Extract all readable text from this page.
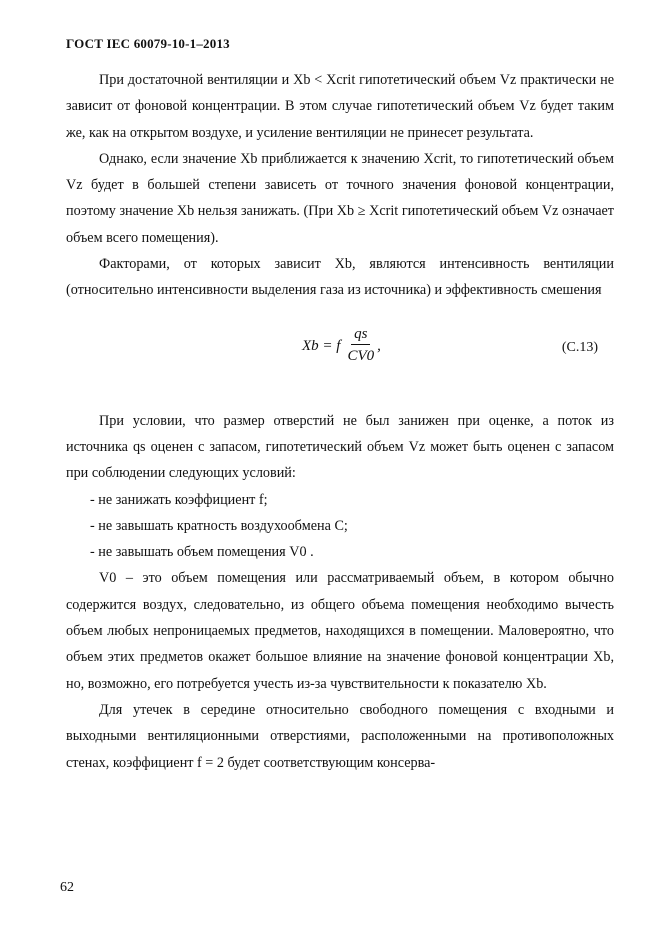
ГОСТ IEC 60079-10-1–2013

При достаточной вентиляции и Xb < Xcrit гипотетический объем Vz практически не зависит от фоновой концентрации. В этом случае гипотетический объем Vz будет таким же, как на открытом воздухе, и усиление вентиляции не принесет результата.

Однако, если значение Xb приближается к значению Xcrit, то гипотетический объем Vz будет в большей степени зависеть от точного значения фоновой концентрации, поэтому значение Xb нельзя занижать. (При Xb ≥ Xcrit гипотетический объем Vz означает объем всего помещения).

Факторами, от которых зависит Xb, являются интенсивность вентиляции (относительно интенсивности выделения газа из источника) и эффективность смешения

Xb = f $\frac{qs}{CV0}$ ,	(С.13)

При условии, что размер отверстий не был занижен при оценке, а поток из источника qs оценен с запасом, гипотетический объем Vz может быть оценен с запасом при соблюдении следующих условий:

- не занижать коэффициент f;

- не завышать кратность воздухообмена C;

- не завышать объем помещения V0 .

V0 – это объем помещения или рассматриваемый объем, в котором обычно содержится воздух, следовательно, из общего объема помещения необходимо вычесть объем любых непроницаемых предметов, находящихся в помещении. Маловероятно, что объем этих предметов окажет большое влияние на значение фоновой концентрации Xb, но, возможно, его потребуется учесть из-за чувствительности к показателю Xb.

Для утечек в середине относительно свободного помещения с входными и выходными вентиляционными отверстиями, расположенными на противоположных стенах, коэффициент f = 2 будет соответствующим консерва-

62
